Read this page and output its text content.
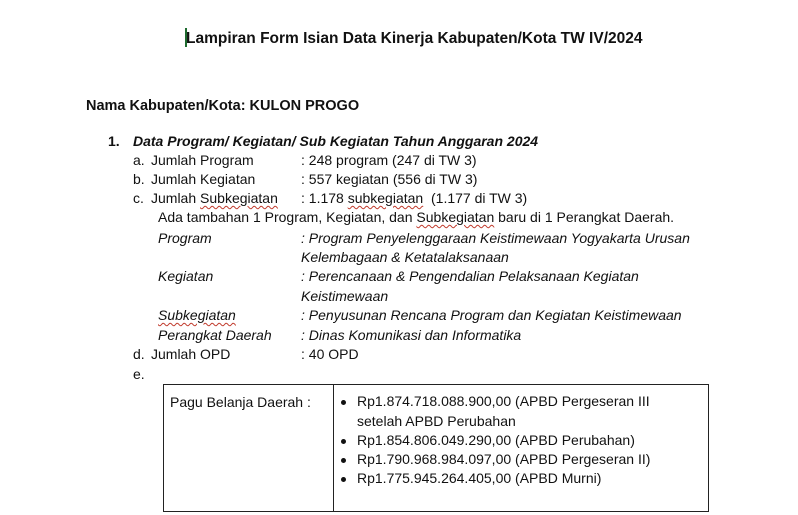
Lampiran Form Isian Data Kinerja Kabupaten/Kota TW IV/2024
Nama Kabupaten/Kota: KULON PROGO
1. Data Program/ Kegiatan/ Sub Kegiatan Tahun Anggaran 2024
a. Jumlah Program	: 248 program (247 di TW 3)
b. Jumlah Kegiatan	: 557 kegiatan (556 di TW 3)
c. Jumlah Subkegiatan : 1.178 subkegiatan  (1.177 di TW 3)
Ada tambahan 1 Program, Kegiatan, dan Subkegiatan baru di 1 Perangkat Daerah.
Program	: Program Penyelenggaraan Keistimewaan Yogyakarta Urusan
Kelembagaan & Ketatalaksanaan
Kegiatan	: Perencanaan & Pengendalian Pelaksanaan Kegiatan
Keistimewaan
Subkegiatan	: Penyusunan Rencana Program dan Kegiatan Keistimewaan
Perangkat Daerah : Dinas Komunikasi dan Informatika
d. Jumlah OPD	: 40 OPD
e.
Pagu Belanja Daerah :	Rp1.874.718.088.900,00 (APBD Pergeseran III
setelah APBD Perubahan
Rp1.854.806.049.290,00 (APBD Perubahan)
Rp1.790.968.984.097,00 (APBD Pergeseran II)
Rp1.775.945.264.405,00 (APBD Murni)
